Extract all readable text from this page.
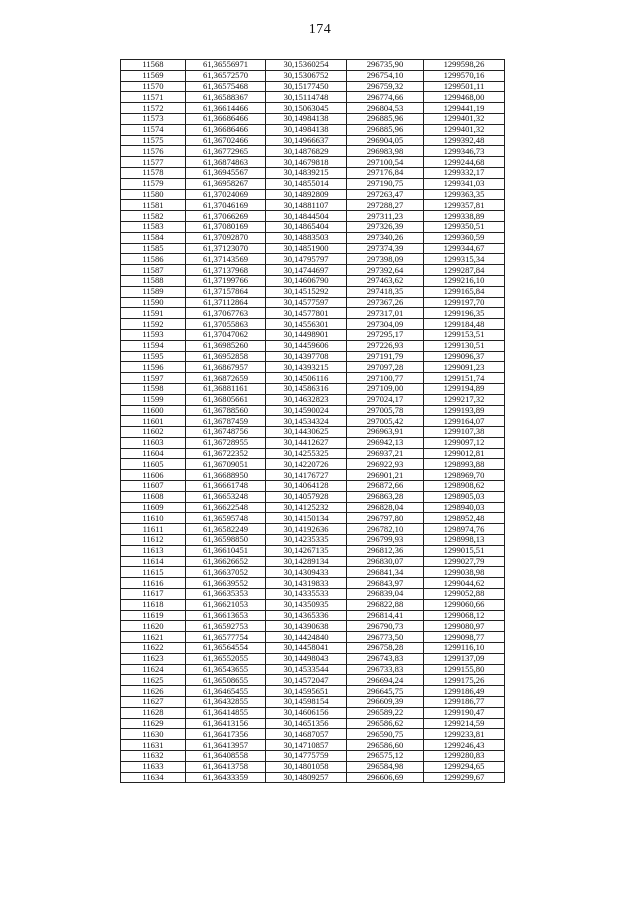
174
11568	61,36556971	30,15360254	296735,90	1299598,26
11569	61,36572570	30,15306752	296754,10	1299570,16
11570	61,36575468	30,15177450	296759,32	1299501,11
11571	61,36588367	30,15114748	296774,66	1299468,00
11572	61,36614466	30,15063045	296804,53	1299441,19
11573	61,36686466	30,14984138	296885,96	1299401,32
11574	61,36686466	30,14984138	296885,96	1299401,32
11575	61,36702466	30,14966637	296904,05	1299392,48
11576	61,36772965	30,14876829	296983,98	1299346,73
11577	61,36874863	30,14679818	297100,54	1299244,68
11578	61,36945567	30,14839215	297176,84	1299332,17
11579	61,36958267	30,14855014	297190,75	1299341,03
11580	61,37024069	30,14892809	297263,47	1299363,35
11581	61,37046169	30,14881107	297288,27	1299357,81
11582	61,37066269	30,14844504	297311,23	1299338,89
11583	61,37080169	30,14865404	297326,39	1299350,51
11584	61,37092870	30,14883503	297340,26	1299360,59
11585	61,37123070	30,14851900	297374,39	1299344,67
11586	61,37143569	30,14795797	297398,09	1299315,34
11587	61,37137968	30,14744697	297392,64	1299287,84
11588	61,37199766	30,14606790	297463,62	1299216,10
11589	61,37157864	30,14515292	297418,35	1299165,84
11590	61,37112864	30,14577597	297367,26	1299197,70
11591	61,37067763	30,14577801	297317,01	1299196,35
11592	61,37055863	30,14556301	297304,09	1299184,48
11593	61,37047062	30,14498901	297295,17	1299153,51
11594	61,36985260	30,14459606	297226,93	1299130,51
11595	61,36952858	30,14397708	297191,79	1299096,37
11596	61,36867957	30,14393215	297097,28	1299091,23
11597	61,36872659	30,14506116	297100,77	1299151,74
11598	61,36881161	30,14586316	297109,00	1299194,89
11599	61,36805661	30,14632823	297024,17	1299217,32
11600	61,36788560	30,14590024	297005,78	1299193,89
11601	61,36787459	30,14534324	297005,42	1299164,07
11602	61,36748756	30,14430625	296963,91	1299107,38
11603	61,36728955	30,14412627	296942,13	1299097,12
11604	61,36722352	30,14255325	296937,21	1299012,81
11605	61,36709051	30,14220726	296922,93	1298993,88
11606	61,36688950	30,14176727	296901,21	1298969,70
11607	61,36661748	30,14064128	296872,66	1298908,62
11608	61,36653248	30,14057928	296863,28	1298905,03
11609	61,36622548	30,14125232	296828,04	1298940,03
11610	61,36595748	30,14150134	296797,80	1298952,48
11611	61,36582249	30,14192636	296782,10	1298974,76
11612	61,36598850	30,14235335	296799,93	1298998,13
11613	61,36610451	30,14267135	296812,36	1299015,51
11614	61,36626652	30,14289134	296830,07	1299027,79
11615	61,36637052	30,14309433	296841,34	1299038,98
11616	61,36639552	30,14319833	296843,97	1299044,62
11617	61,36635353	30,14335533	296839,04	1299052,88
11618	61,36621053	30,14350935	296822,88	1299060,66
11619	61,36613653	30,14365336	296814,41	1299068,12
11620	61,36592753	30,14390638	296790,73	1299080,97
11621	61,36577754	30,14424840	296773,50	1299098,77
11622	61,36564554	30,14458041	296758,28	1299116,10
11623	61,36552055	30,14498043	296743,83	1299137,09
11624	61,36543655	30,14533544	296733,83	1299155,80
11625	61,36508655	30,14572047	296694,24	1299175,26
11626	61,36465455	30,14595651	296645,75	1299186,49
11627	61,36432855	30,14598154	296609,39	1299186,77
11628	61,36414855	30,14606156	296589,22	1299190,47
11629	61,36413156	30,14651356	296586,62	1299214,59
11630	61,36417356	30,14687057	296590,75	1299233,81
11631	61,36413957	30,14710857	296586,60	1299246,43
11632	61,36408558	30,14775759	296575,12	1299280,83
11633	61,36413758	30,14801058	296584,98	1299294,65
11634	61,36433359	30,14809257	296606,69	1299299,67
